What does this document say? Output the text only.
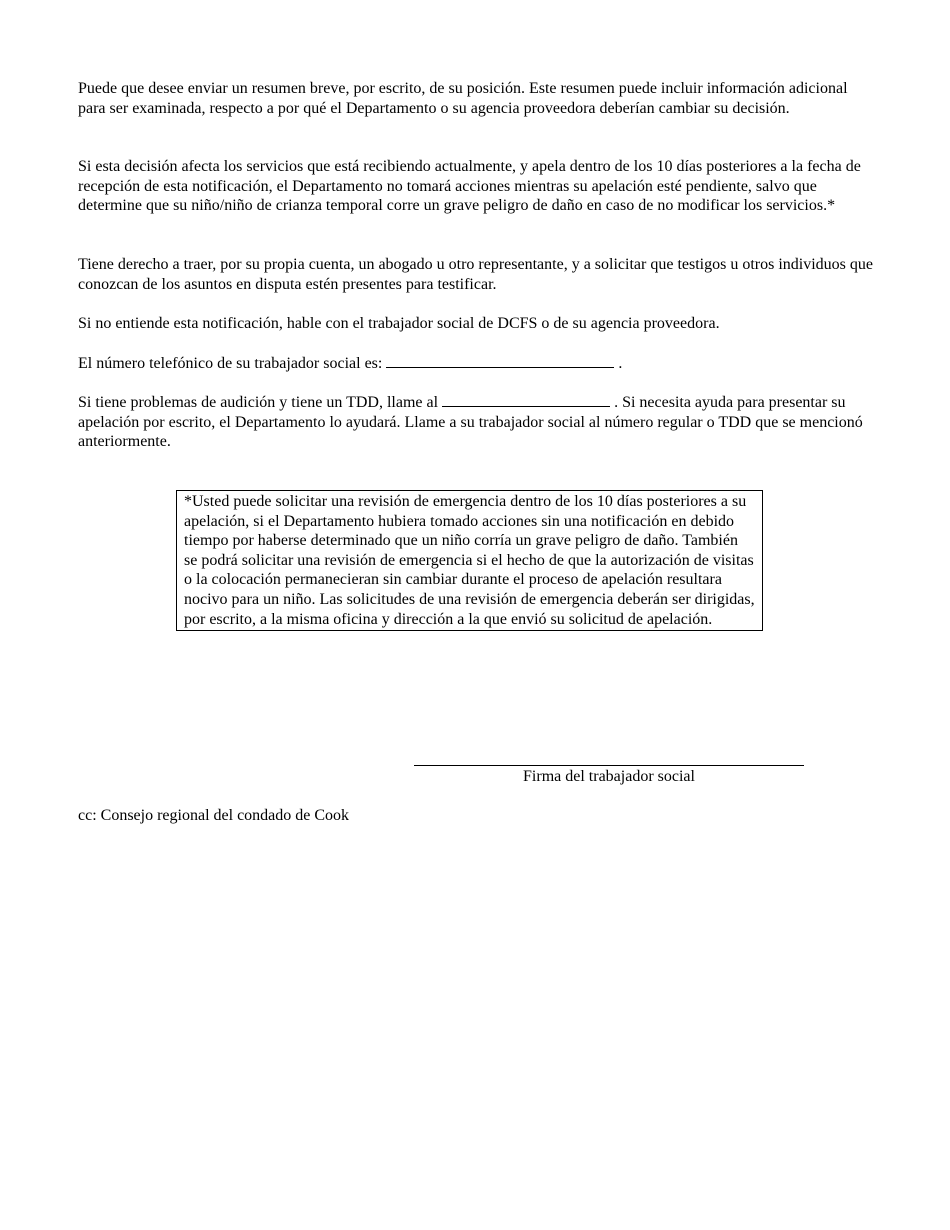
Puede que desee enviar un resumen breve, por escrito, de su posición. Este resumen puede incluir información adicional para ser examinada, respecto a por qué el Departamento o su agencia proveedora deberían cambiar su decisión.

Si esta decisión afecta los servicios que está recibiendo actualmente, y apela dentro de los 10 días posteriores a la fecha de recepción de esta notificación, el Departamento no tomará acciones mientras su apelación esté pendiente, salvo que determine que su niño/niño de crianza temporal corre un grave peligro de daño en caso de no modificar los servicios.*

Tiene derecho a traer, por su propia cuenta, un abogado u otro representante, y a solicitar que testigos u otros individuos que conozcan de los asuntos en disputa estén presentes para testificar.

Si no entiende esta notificación, hable con el trabajador social de DCFS o de su agencia proveedora.

El número telefónico de su trabajador social es:	.

Si tiene problemas de audición y tiene un TDD, llame al	. Si necesita ayuda para presentar su apelación por escrito, el Departamento lo ayudará. Llame a su trabajador social al número regular o TDD que se mencionó anteriormente.

*Usted puede solicitar una revisión de emergencia dentro de los 10 días posteriores a su apelación, si el Departamento hubiera tomado acciones sin una notificación en debido tiempo por haberse determinado que un niño corría un grave peligro de daño. También se podrá solicitar una revisión de emergencia si el hecho de que la autorización de visitas o la colocación permanecieran sin cambiar durante el proceso de apelación resultara nocivo para un niño. Las solicitudes de una revisión de emergencia deberán ser dirigidas, por escrito, a la misma oficina y dirección a la que envió su solicitud de apelación.
Firma del trabajador social
cc: Consejo regional del condado de Cook
